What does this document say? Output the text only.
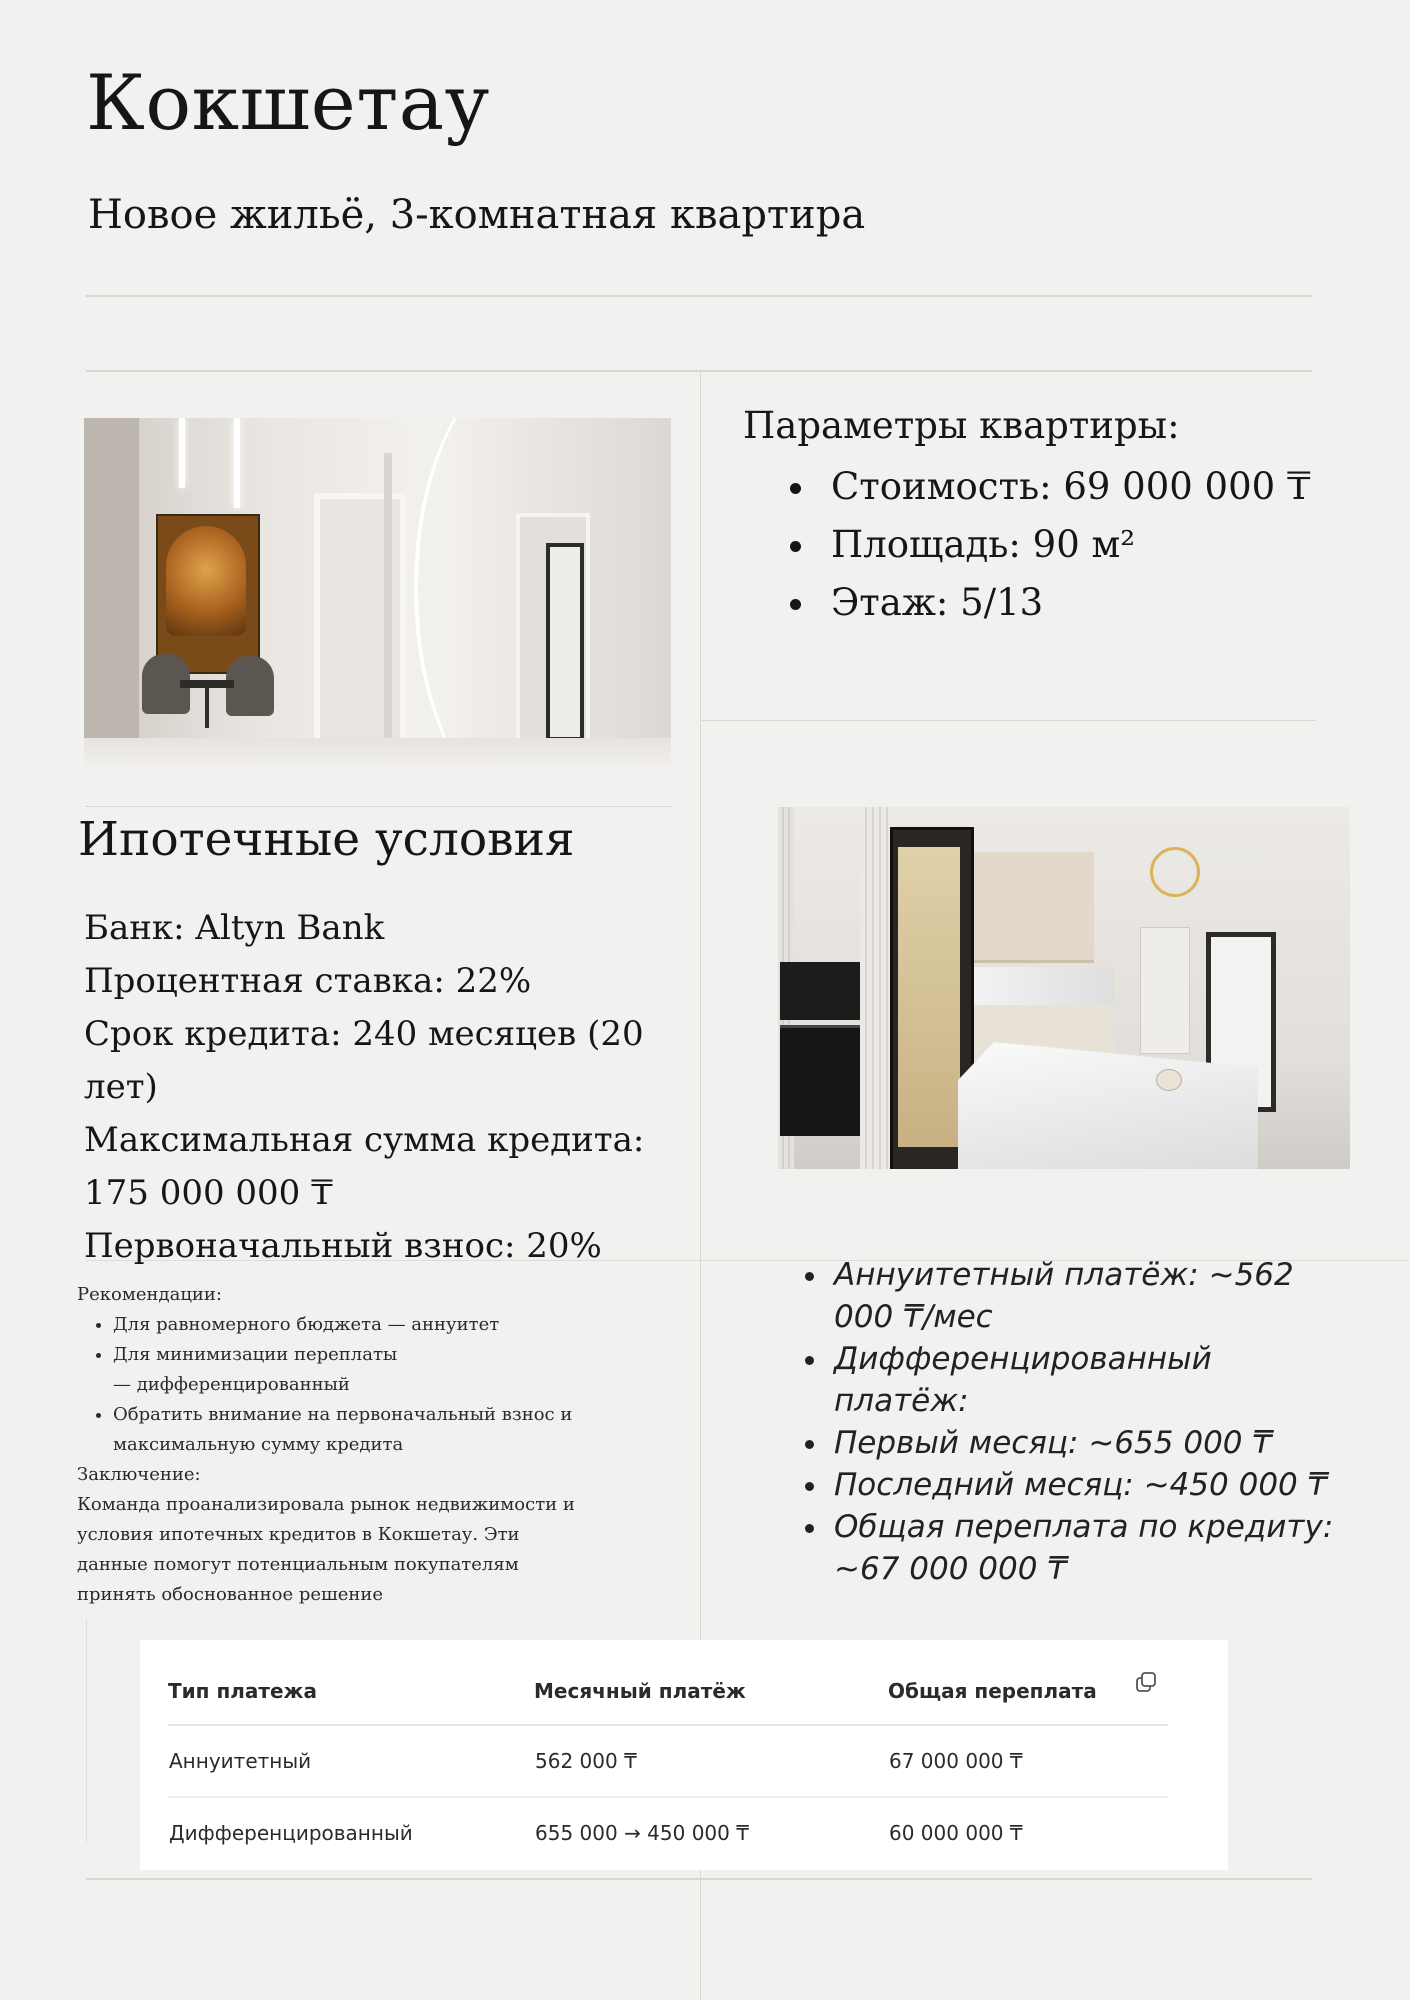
Кокшетау

Новое жильё, 3-комнатная квартира

Параметры квартиры:

• Стоимость: 69 000 000 ₸
• Площадь: 90 м²
• Этаж: 5/13
Ипотечные условия
Банк: Altyn Bank
Процентная ставка: 22%
Срок кредита: 240 месяцев (20 лет)
Максимальная сумма кредита: 175 000 000 ₸
Первоначальный взнос: 20%

Рекомендации:

• Для равномерного бюджета — аннуитет
• Для минимизации переплаты — дифференцированный
• Обратить внимание на первоначальный взнос и максимальную сумму кредита

Заключение:

Команда проанализировала рынок недвижимости и условия ипотечных кредитов в Кокшетау. Эти данные помогут потенциальным покупателям принять обоснованное решение

• Аннуитетный платёж: ~562 000 ₸/мес
• Дифференцированный платёж:
• Первый месяц: ~655 000 ₸
• Последний месяц: ~450 000 ₸
• Общая переплата по кредиту: ~67 000 000 ₸
Тип платежа	Месячный платёж	Общая переплата
Аннуитетный	562 000 ₸	67 000 000 ₸
Дифференцированный	655 000 → 450 000 ₸	60 000 000 ₸
